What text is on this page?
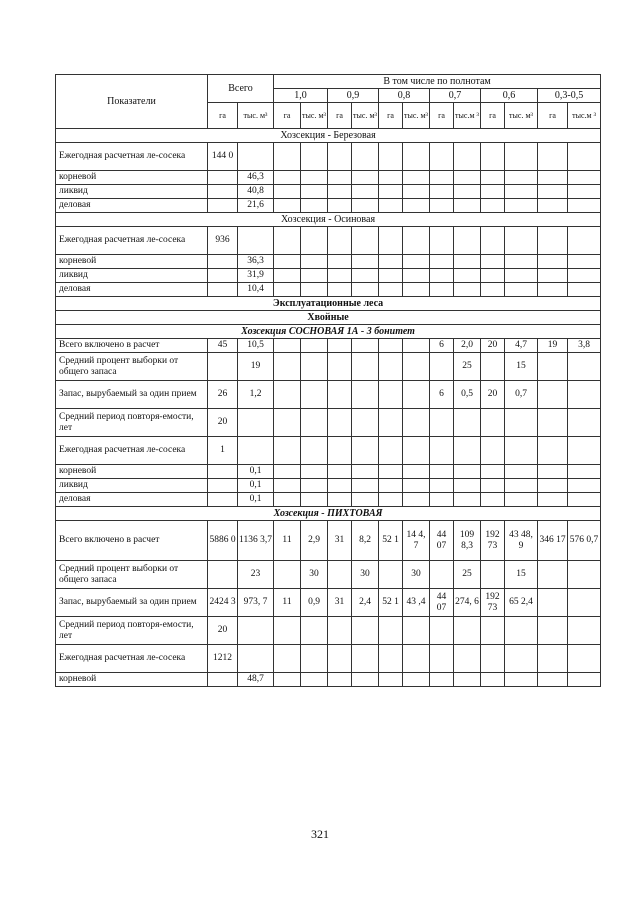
Показатели	Всего		В том числе по полнотам											
			1,0		0,9		0,8		0,7		0,6		0,3-0,5	
	га	тыс. м³	га	тыс. м³	га	тыс. м³	га	тыс. м³	га	тыс.м ³	га	тыс. м³	га	тыс.м ³
Хозсекция - Березовая														
Ежегодная расчетная ле-сосека	144 0													
корневой		46,3												
ликвид		40,8												
деловая		21,6												
Хозсекция - Осиновая														
Ежегодная расчетная ле-сосека	936													
корневой		36,3												
ликвид		31,9												
деловая		10,4												
Эксплуатационные леса														
Хвойные														
Хозсекция СОСНОВАЯ 1А - 3 бонитет														
Всего включено в расчет	45	10,5							6	2,0	20	4,7	19	3,8
Средний процент выборки от общего запаса		19								25		15		
Запас, вырубаемый за один прием	26	1,2							6	0,5	20	0,7		
Средний период повторя-емости, лет	20													
Ежегодная расчетная ле-сосека	1													
корневой		0,1												
ликвид		0,1												
деловая		0,1												
Хозсекция - ПИХТОВАЯ														
Всего включено в расчет	5886 0	1136 3,7	11	2,9	31	8,2	52 1	14 4, 7	44 07	109 8,3	192 73	43 48, 9	346 17	576 0,7
Средний процент выборки от общего запаса		23		30		30		30		25		15		
Запас, вырубаемый за один прием	2424 3	973, 7	11	0,9	31	2,4	52 1	43 ,4	44 07	274, 6	192 73	65 2,4		
Средний период повторя-емости, лет	20													
Ежегодная расчетная ле-сосека	1212													
корневой		48,7												
321
